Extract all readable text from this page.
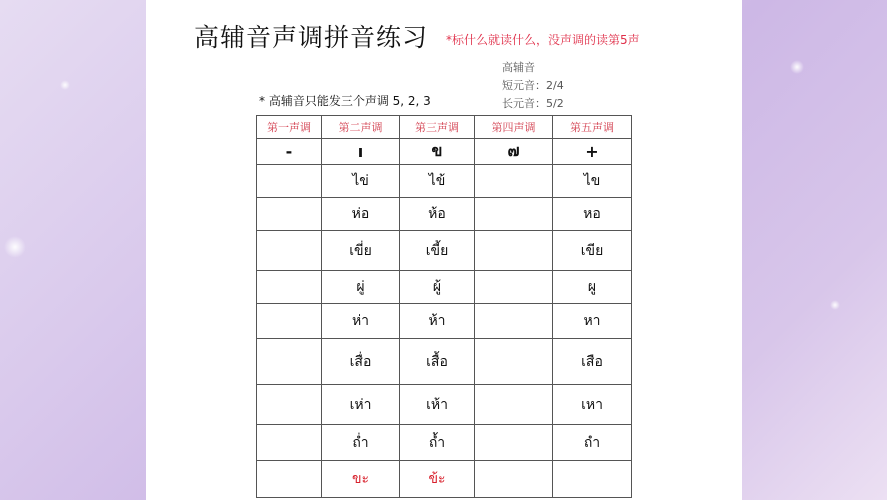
高辅音声调拼音练习 *标什么就读什么，没声调的读第5声
高辅音
短元音：2/4
长元音：5/2
* 高辅音只能发三个声调 5, 2, 3
第一声调	第二声调	第三声调	第四声调	第五声调
-	ı	ข	๗	+
	ไข่	ไข้		ไข
	ห่อ	ห้อ		หอ
	เขี่ย	เขี้ย		เขีย
	ผู่	ผู้		ผู
	ห่า	ห้า		หา
	เสื่อ	เสื้อ		เสือ
	เห่า	เห้า		เหา
	ถ่ำ	ถ้ำ		ถำ
	ขะ	ข้ะ		
